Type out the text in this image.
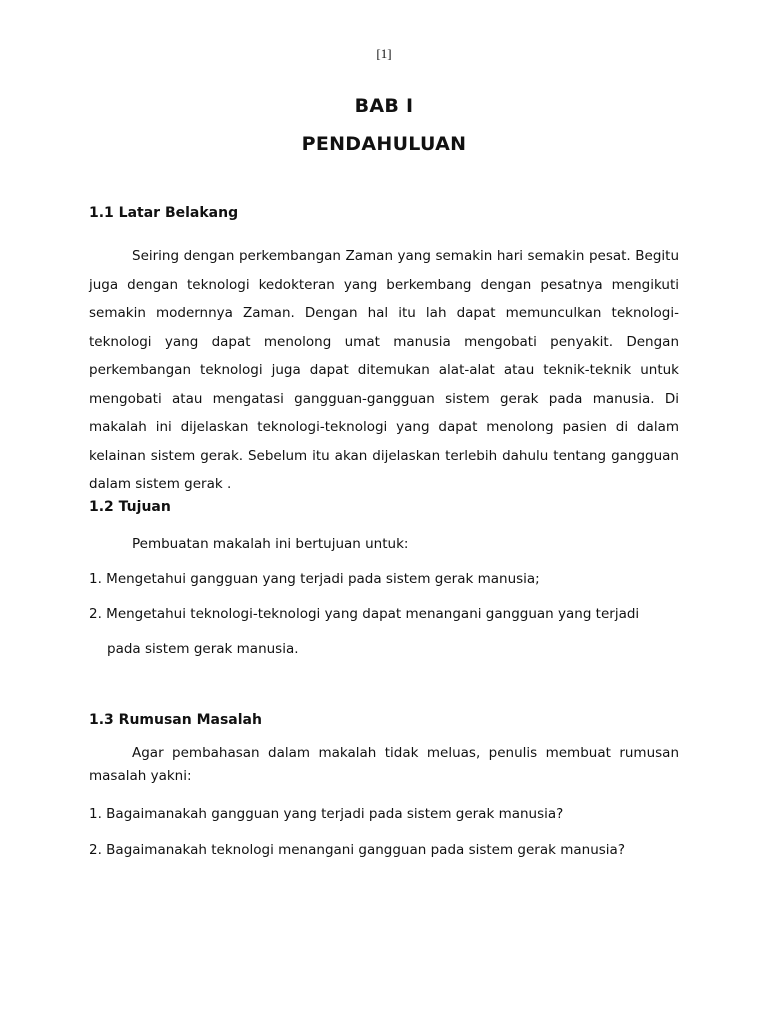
[1]
BAB I
PENDAHULUAN
1.1 Latar Belakang

Seiring dengan perkembangan Zaman yang semakin hari semakin pesat. Begitu juga dengan teknologi kedokteran yang berkembang dengan pesatnya mengikuti semakin modernnya Zaman. Dengan hal itu lah dapat memunculkan teknologi-teknologi yang dapat menolong umat manusia mengobati penyakit. Dengan perkembangan teknologi juga dapat ditemukan alat-alat atau teknik-teknik untuk mengobati atau mengatasi gangguan-gangguan sistem gerak pada manusia. Di makalah ini dijelaskan teknologi-teknologi yang dapat menolong pasien di dalam kelainan sistem gerak. Sebelum itu akan dijelaskan terlebih dahulu tentang gangguan dalam sistem gerak .

1.2 Tujuan
Pembuatan makalah ini bertujuan untuk:
1. Mengetahui gangguan yang terjadi pada sistem gerak manusia;
2. Mengetahui teknologi-teknologi yang dapat menangani gangguan yang terjadi
pada sistem gerak manusia.
1.3 Rumusan Masalah

Agar pembahasan dalam makalah tidak meluas, penulis membuat rumusan masalah yakni:

1. Bagaimanakah gangguan yang terjadi pada sistem gerak manusia?
2. Bagaimanakah teknologi menangani gangguan pada sistem gerak manusia?
